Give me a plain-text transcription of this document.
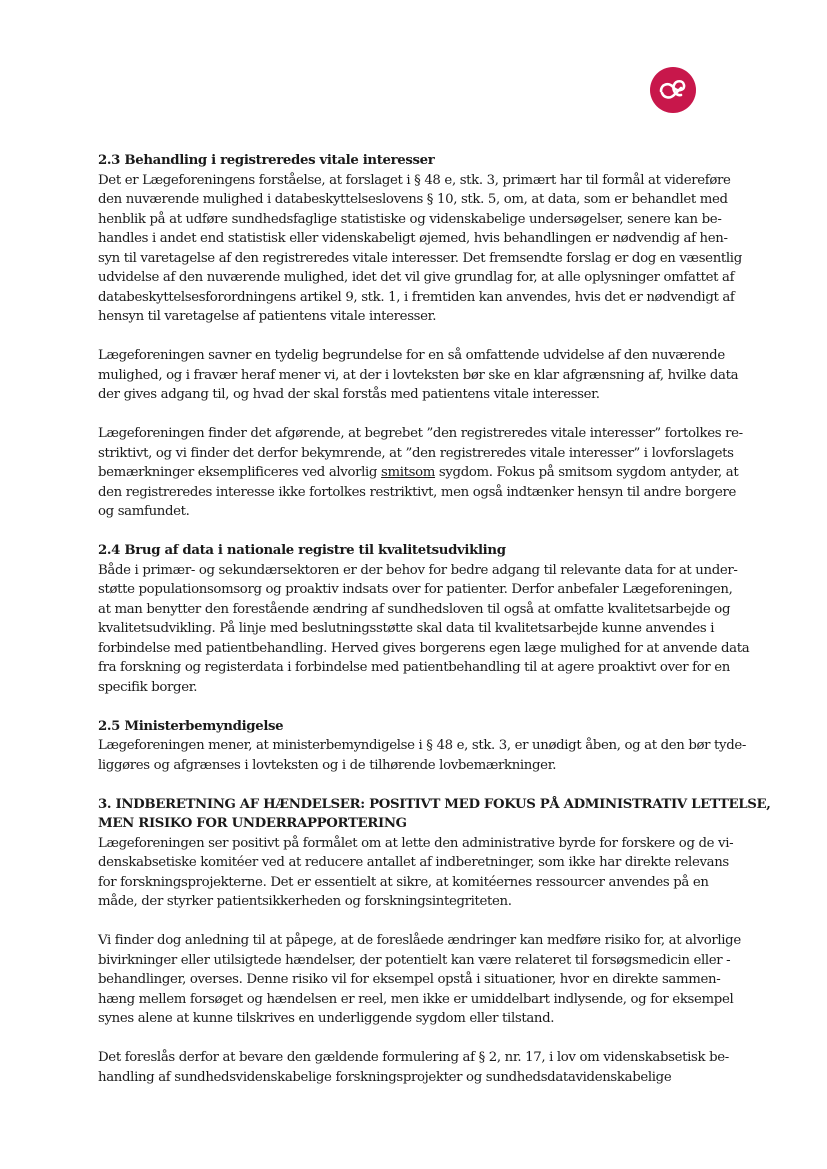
2.3 Behandling i registreredes vitale interesser

Det er Lægeforeningens forståelse, at forslaget i § 48 e, stk. 3, primært har til formål at videreføre
den nuværende mulighed i databeskyttelseslovens § 10, stk. 5, om, at data, som er behandlet med
henblik på at udføre sundhedsfaglige statistiske og videnskabelige undersøgelser, senere kan be-
handles i andet end statistisk eller videnskabeligt øjemed, hvis behandlingen er nødvendig af hen-
syn til varetagelse af den registreredes vitale interesser. Det fremsendte forslag er dog en væsentlig
udvidelse af den nuværende mulighed, idet det vil give grundlag for, at alle oplysninger omfattet af
databeskyttelsesforordningens artikel 9, stk. 1, i fremtiden kan anvendes, hvis det er nødvendigt af
hensyn til varetagelse af patientens vitale interesser.

Lægeforeningen savner en tydelig begrundelse for en så omfattende udvidelse af den nuværende
mulighed, og i fravær heraf mener vi, at der i lovteksten bør ske en klar afgrænsning af, hvilke data
der gives adgang til, og hvad der skal forstås med patientens vitale interesser.

Lægeforeningen finder det afgørende, at begrebet ”den registreredes vitale interesser” fortolkes re-
striktivt, og vi finder det derfor bekymrende, at ”den registreredes vitale interesser” i lovforslagets
bemærkninger eksemplificeres ved alvorlig smitsom sygdom. Fokus på smitsom sygdom antyder, at
den registreredes interesse ikke fortolkes restriktivt, men også indtænker hensyn til andre borgere
og samfundet.

2.4 Brug af data i nationale registre til kvalitetsudvikling

Både i primær- og sekundærsektoren er der behov for bedre adgang til relevante data for at under-
støtte populationsomsorg og proaktiv indsats over for patienter. Derfor anbefaler Lægeforeningen,
at man benytter den forestående ændring af sundhedsloven til også at omfatte kvalitetsarbejde og
kvalitetsudvikling. På linje med beslutningsstøtte skal data til kvalitetsarbejde kunne anvendes i
forbindelse med patientbehandling. Herved gives borgerens egen læge mulighed for at anvende data
fra forskning og registerdata i forbindelse med patientbehandling til at agere proaktivt over for en
specifik borger.

2.5 Ministerbemyndigelse

Lægeforeningen mener, at ministerbemyndigelse i § 48 e, stk. 3, er unødigt åben, og at den bør tyde-
liggøres og afgrænses i lovteksten og i de tilhørende lovbemærkninger.

3. INDBERETNING AF HÆNDELSER: POSITIVT MED FOKUS PÅ ADMINISTRATIV LETTELSE,
MEN RISIKO FOR UNDERRAPPORTERING

Lægeforeningen ser positivt på formålet om at lette den administrative byrde for forskere og de vi-
denskabsetiske komitéer ved at reducere antallet af indberetninger, som ikke har direkte relevans
for forskningsprojekterne. Det er essentielt at sikre, at komitéernes ressourcer anvendes på en
måde, der styrker patientsikkerheden og forskningsintegriteten.

Vi finder dog anledning til at påpege, at de foreslåede ændringer kan medføre risiko for, at alvorlige
bivirkninger eller utilsigtede hændelser, der potentielt kan være relateret til forsøgsmedicin eller -
behandlinger, overses. Denne risiko vil for eksempel opstå i situationer, hvor en direkte sammen-
hæng mellem forsøget og hændelsen er reel, men ikke er umiddelbart indlysende, og for eksempel
synes alene at kunne tilskrives en underliggende sygdom eller tilstand.

Det foreslås derfor at bevare den gældende formulering af § 2, nr. 17, i lov om videnskabsetisk be-
handling af sundhedsvidenskabelige forskningsprojekter og sundhedsdatavidenskabelige
